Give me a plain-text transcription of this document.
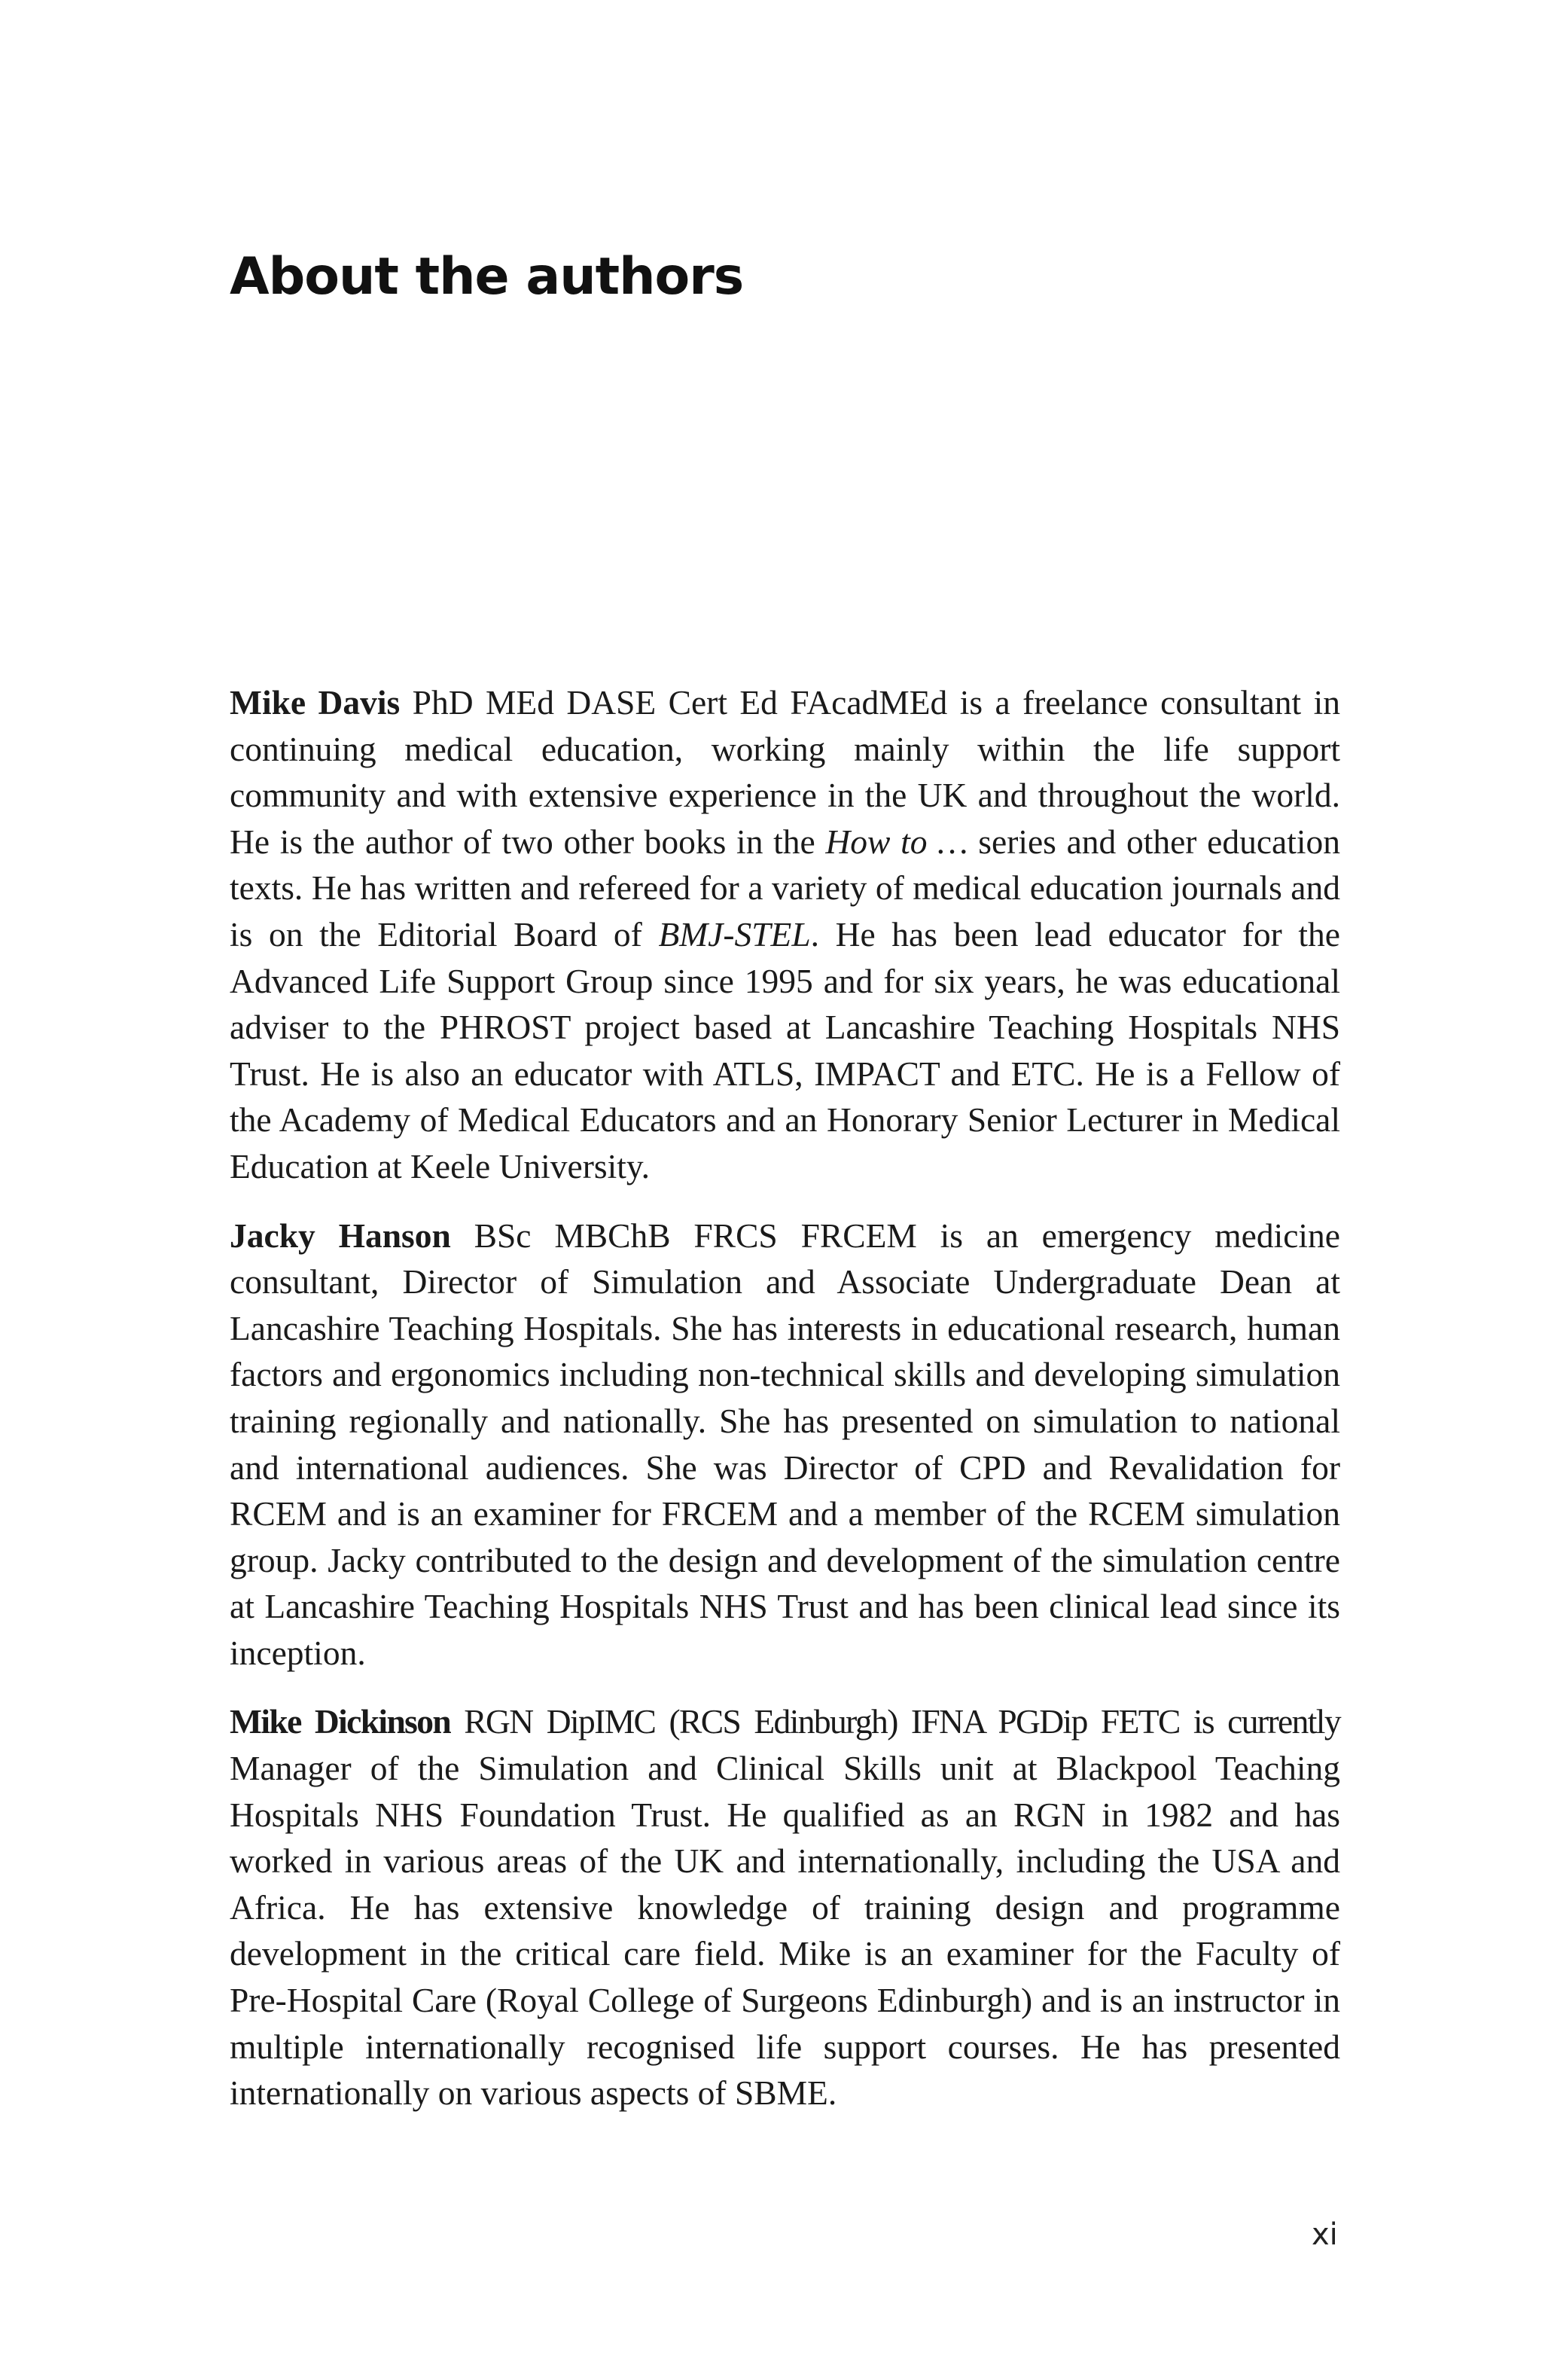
About the authors

Mike Davis PhD MEd DASE Cert Ed FAcadMEd is a freelance consultant in continuing medical education, working mainly within the life support community and with extensive experience in the UK and throughout the world. He is the author of two other books in the How to … series and other education texts. He has written and refereed for a variety of medical education journals and is on the Editorial Board of BMJ-STEL. He has been lead educator for the Advanced Life Support Group since 1995 and for six years, he was educational adviser to the PHROST project based at Lancashire Teaching Hospitals NHS Trust. He is also an educator with ATLS, IMPACT and ETC. He is a Fellow of the Academy of Medical Educators and an Honorary Senior Lecturer in Medical Education at Keele University.

Jacky Hanson BSc MBChB FRCS FRCEM is an emergency medicine consultant, Director of Simulation and Associate Undergraduate Dean at Lancashire Teaching Hospitals. She has interests in educational research, human factors and ergonomics including non-technical skills and developing simulation training regionally and nationally. She has presented on simulation to national and international audiences. She was Director of CPD and Revalidation for RCEM and is an examiner for FRCEM and a member of the RCEM simulation group. Jacky contributed to the design and development of the simulation centre at Lancashire Teaching Hospitals NHS Trust and has been clinical lead since its inception.

Mike Dickinson RGN DipIMC (RCS Edinburgh) IFNA PGDip FETC is currently Manager of the Simulation and Clinical Skills unit at Blackpool Teaching Hospitals NHS Foundation Trust. He qualified as an RGN in 1982 and has worked in various areas of the UK and internationally, including the USA and Africa. He has extensive knowledge of training design and programme development in the critical care field. Mike is an examiner for the Faculty of Pre-Hospital Care (Royal College of Surgeons Edinburgh) and is an instructor in multiple internationally recognised life support courses. He has presented internationally on various aspects of SBME.

xi
